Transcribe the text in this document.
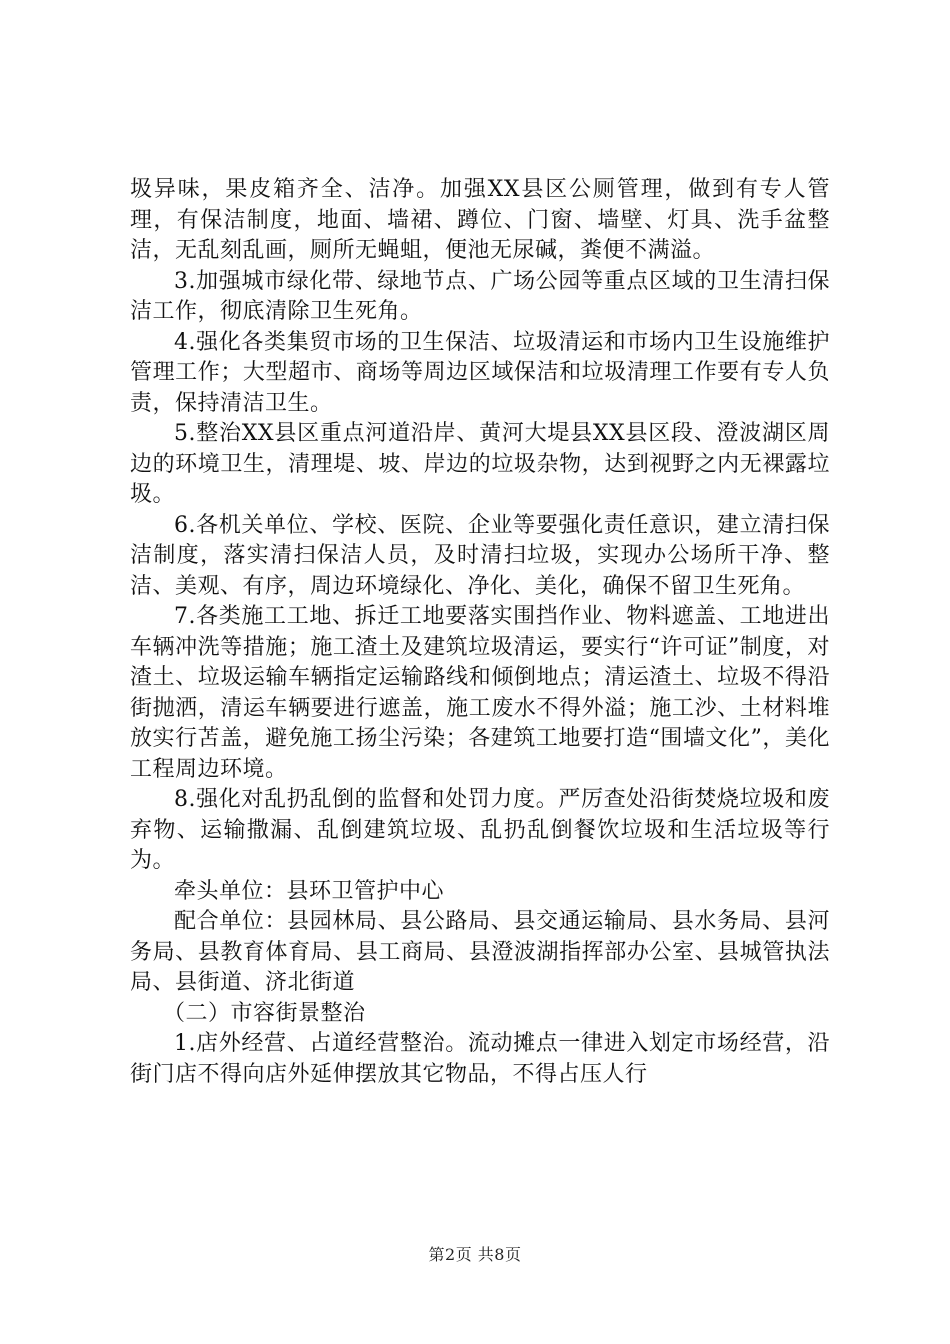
圾异味，果皮箱齐全、洁净。加强XX县区公厕管理，做到有专人管理，有保洁制度，地面、墙裙、蹲位、门窗、墙壁、灯具、洗手盆整洁，无乱刻乱画，厕所无蝇蛆，便池无尿碱，粪便不满溢。

3.加强城市绿化带、绿地节点、广场公园等重点区域的卫生清扫保洁工作，彻底清除卫生死角。

4.强化各类集贸市场的卫生保洁、垃圾清运和市场内卫生设施维护管理工作；大型超市、商场等周边区域保洁和垃圾清理工作要有专人负责，保持清洁卫生。

5.整治XX县区重点河道沿岸、黄河大堤县XX县区段、澄波湖区周边的环境卫生，清理堤、坡、岸边的垃圾杂物，达到视野之内无裸露垃圾。

6.各机关单位、学校、医院、企业等要强化责任意识，建立清扫保洁制度，落实清扫保洁人员，及时清扫垃圾，实现办公场所干净、整洁、美观、有序，周边环境绿化、净化、美化，确保不留卫生死角。

7.各类施工工地、拆迁工地要落实围挡作业、物料遮盖、工地进出车辆冲洗等措施；施工渣土及建筑垃圾清运，要实行“许可证”制度，对渣土、垃圾运输车辆指定运输路线和倾倒地点；清运渣土、垃圾不得沿街抛洒，清运车辆要进行遮盖，施工废水不得外溢；施工沙、土材料堆放实行苫盖，避免施工扬尘污染；各建筑工地要打造“围墙文化”，美化工程周边环境。

8.强化对乱扔乱倒的监督和处罚力度。严厉查处沿街焚烧垃圾和废弃物、运输撒漏、乱倒建筑垃圾、乱扔乱倒餐饮垃圾和生活垃圾等行为。

牵头单位：县环卫管护中心

配合单位：县园林局、县公路局、县交通运输局、县水务局、县河务局、县教育体育局、县工商局、县澄波湖指挥部办公室、县城管执法局、县街道、济北街道

（二）市容街景整治

1.店外经营、占道经营整治。流动摊点一律进入划定市场经营，沿街门店不得向店外延伸摆放其它物品，不得占压人行

第2页 共8页
